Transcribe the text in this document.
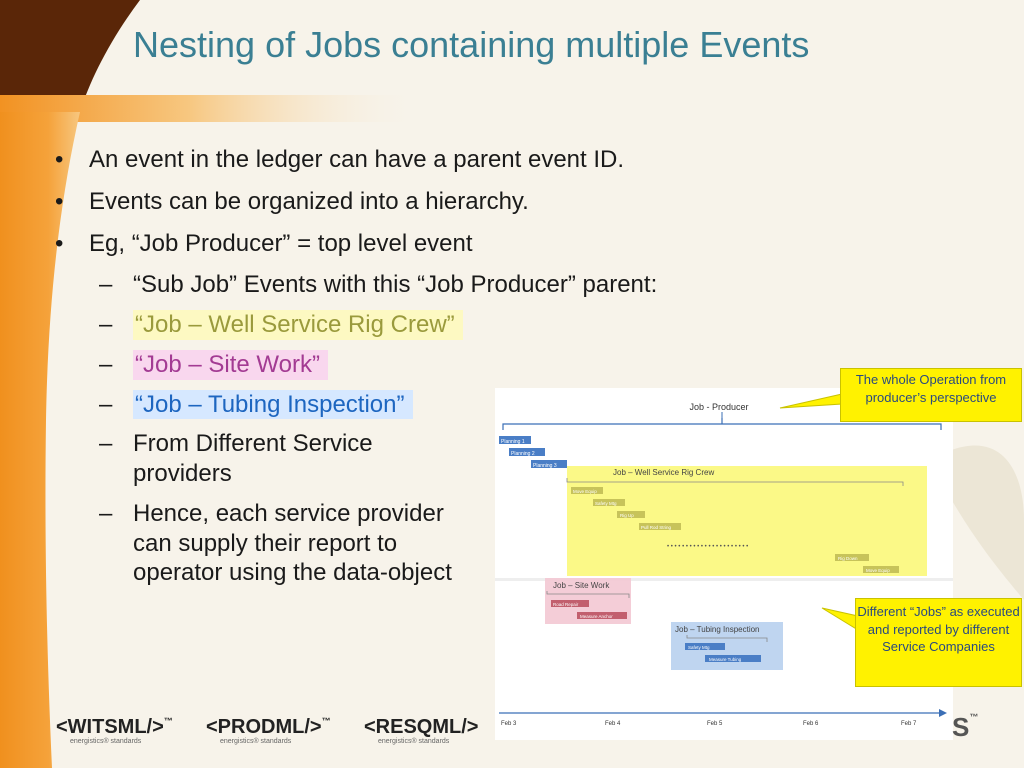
Nesting of Jobs containing multiple Events
• An event in the ledger can have a parent event ID.
• Events can be organized into a hierarchy.
• Eg, “Job Producer” = top level event
– “Sub Job” Events with this “Job Producer” parent:
– “Job – Well Service Rig Crew”
– “Job – Site Work”
– “Job – Tubing Inspection”
– From Different Service providers
– Hence, each service provider can supply their report to operator using the data-object
Job - Producer
Planning 1
Planning 2
Planning 3
Job – Well Service Rig Crew
Move Equip
Safety Mtg
Rig Up
Pull Rod String
• • • • • • • • • • • • • • • • • • • • • •
Rig Down
Move Equip
Job – Site Work
Road Repair
Measure Anchor
Job – Tubing Inspection
Safety Mtg
Measure Tubing
Feb 3	Feb 4	Feb 5	Feb 6	Feb 7
The whole Operation from producer’s perspective
Different “Jobs” as executed and reported by different Service Companies
<WITSML/>™
energistics® standards
<PRODML/>™
energistics® standards
<RESQML/>
energistics® standards	S™
